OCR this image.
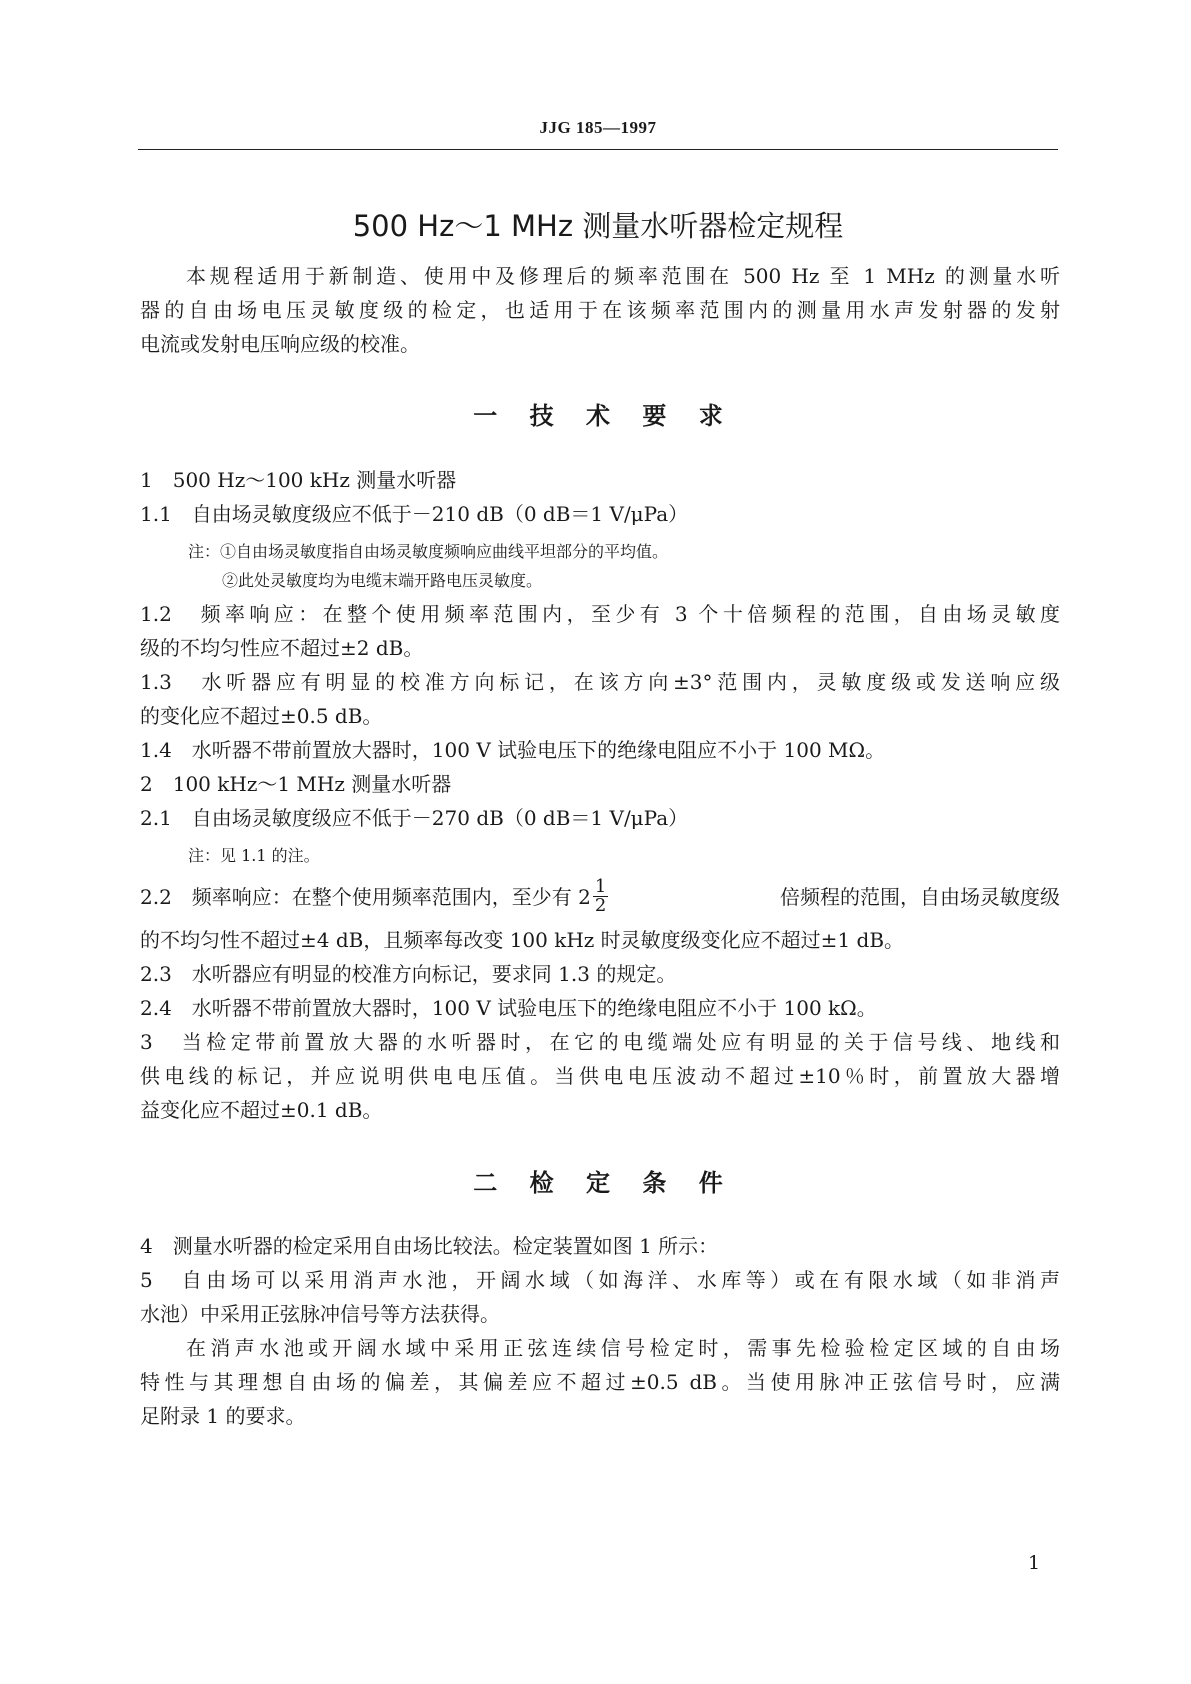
JJG 185—1997
500 Hz～1 MHz 测量水听器检定规程
本规程适用于新制造、使用中及修理后的频率范围在 500 Hz 至 1 MHz 的测量水听
器的自由场电压灵敏度级的检定，也适用于在该频率范围内的测量用水声发射器的发射
电流或发射电压响应级的校准。
一 技 术 要 求
1　500 Hz～100 kHz 测量水听器
1.1　自由场灵敏度级应不低于－210 dB（0 dB＝1 V/μPa）
注：①自由场灵敏度指自由场灵敏度频响应曲线平坦部分的平均值。
②此处灵敏度均为电缆末端开路电压灵敏度。
1.2　频率响应：在整个使用频率范围内，至少有 3 个十倍频程的范围，自由场灵敏度
级的不均匀性应不超过±2 dB。
1.3　水听器应有明显的校准方向标记，在该方向±3°范围内，灵敏度级或发送响应级
的变化应不超过±0.5 dB。
1.4　水听器不带前置放大器时，100 V 试验电压下的绝缘电阻应不小于 100 MΩ。
2　100 kHz～1 MHz 测量水听器
2.1　自由场灵敏度级应不低于－270 dB（0 dB＝1 V/μPa）
注：见 1.1 的注。
2.2　频率响应：在整个使用频率范围内，至少有 $2 \frac{1}{2}$	倍频程的范围，自由场灵敏度级
的不均匀性不超过±4 dB，且频率每改变 100 kHz 时灵敏度级变化应不超过±1 dB。
2.3　水听器应有明显的校准方向标记，要求同 1.3 的规定。
2.4　水听器不带前置放大器时，100 V 试验电压下的绝缘电阻应不小于 100 kΩ。
3　当检定带前置放大器的水听器时，在它的电缆端处应有明显的关于信号线、地线和
供电线的标记，并应说明供电电压值。当供电电压波动不超过±10％时，前置放大器增
益变化应不超过±0.1 dB。
二 检 定 条 件
4　测量水听器的检定采用自由场比较法。检定装置如图 1 所示：
5　自由场可以采用消声水池，开阔水域（如海洋、水库等）或在有限水域（如非消声
水池）中采用正弦脉冲信号等方法获得。
在消声水池或开阔水域中采用正弦连续信号检定时，需事先检验检定区域的自由场
特性与其理想自由场的偏差，其偏差应不超过±0.5 dB。当使用脉冲正弦信号时，应满
足附录 1 的要求。
1
